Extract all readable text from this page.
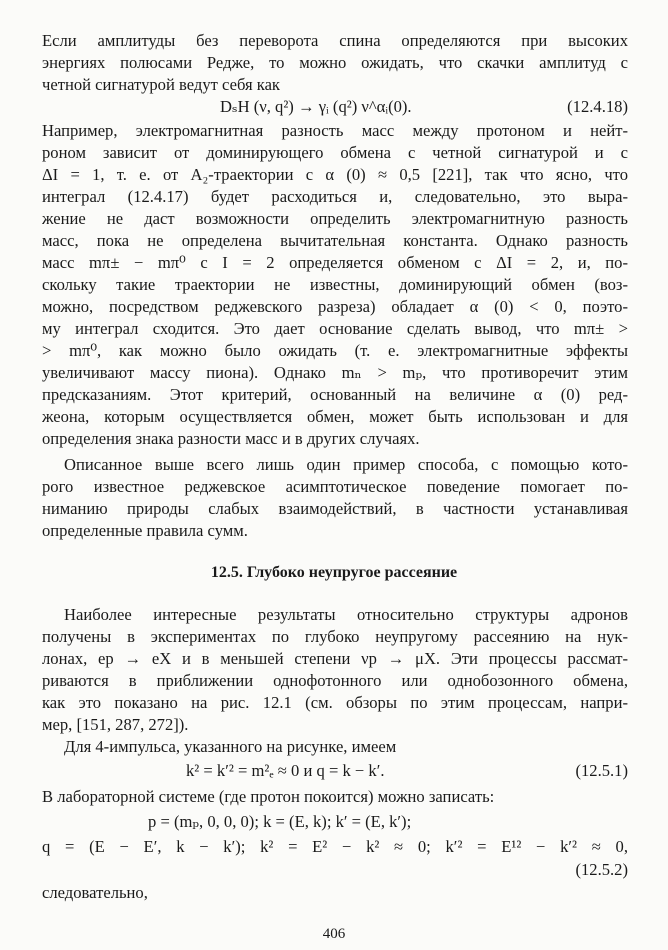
Если амплитуды без переворота спина определяются при высоких
энергиях полюсами Редже, то можно ожидать, что скачки амплитуд с
четной сигнатурой ведут себя как
DₛH (ν, q²) → γᵢ (q²) ν^αᵢ(0).	(12.4.18)
Например, электромагнитная разность масс между протоном и нейт-
роном зависит от доминирующего обмена с четной сигнатурой и с
ΔI = 1, т. е. от A₂-траектории с α (0) ≈ 0,5 [221], так что ясно, что
интеграл (12.4.17) будет расходиться и, следовательно, это выра-
жение не даст возможности определить электромагнитную разность
масс, пока не определена вычитательная константа. Однако разность
масс mπ± − mπ⁰ с I = 2 определяется обменом с ΔI = 2, и, по-
скольку такие траектории не известны, доминирующий обмен (воз-
можно, посредством реджевского разреза) обладает α (0) < 0, поэто-
му интеграл сходится. Это дает основание сделать вывод, что mπ± >
> mπ⁰, как можно было ожидать (т. е. электромагнитные эффекты
увеличивают массу пиона). Однако mₙ > mₚ, что противоречит этим
предсказаниям. Этот критерий, основанный на величине α (0) ред-
жеона, которым осуществляется обмен, может быть использован и для
определения знака разности масс и в других случаях.
Описанное выше всего лишь один пример способа, с помощью кото-
рого известное реджевское асимптотическое поведение помогает по-
ниманию природы слабых взаимодействий, в частности устанавливая
определенные правила сумм.
12.5. Глубоко неупругое рассеяние
Наиболее интересные результаты относительно структуры адронов
получены в экспериментах по глубоко неупругому рассеянию на нук-
лонах, ep → eX и в меньшей степени νp → μX. Эти процессы рассмат-
риваются в приближении однофотонного или однобозонного обмена,
как это показано на рис. 12.1 (см. обзоры по этим процессам, напри-
мер, [151, 287, 272]).
Для 4-импульса, указанного на рисунке, имеем
k² = k′² = m²ₑ ≈ 0 и q = k − k′.	(12.5.1)
В лабораторной системе (где протон покоится) можно записать:
p = (mₚ, 0, 0, 0); k = (E, k); k′ = (E, k′);
q = (E − E′, k − k′); k² = E² − k² ≈ 0; k′² = E¹² − k′² ≈ 0,
(12.5.2)
следовательно,
406
